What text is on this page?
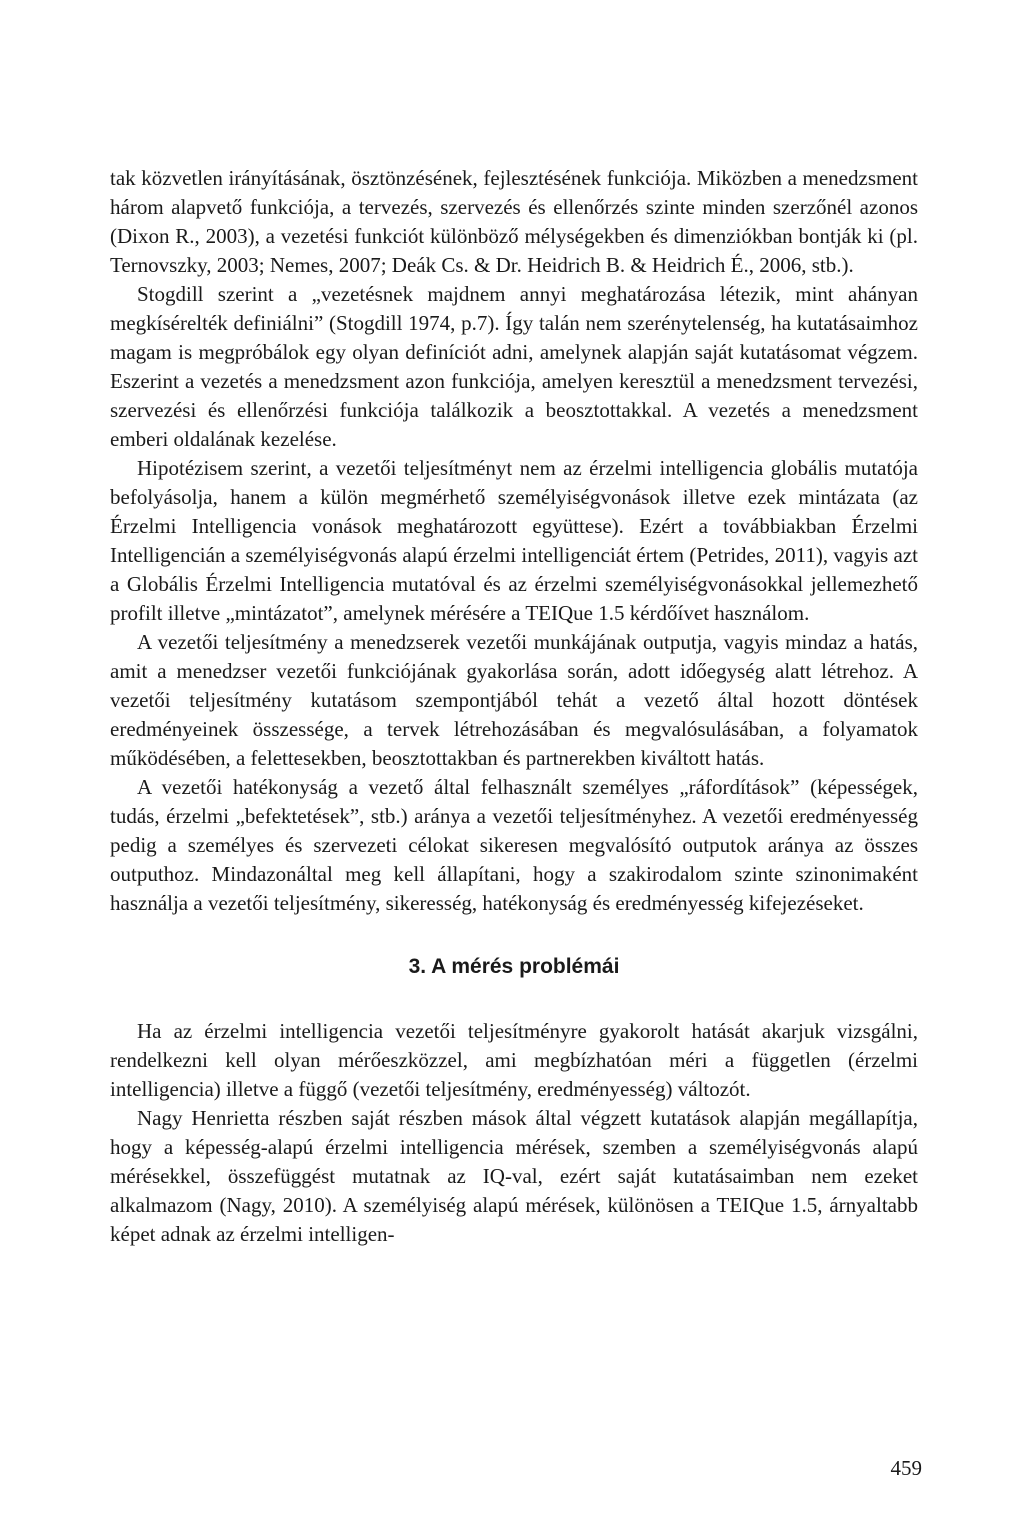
tak közvetlen irányításának, ösztönzésének, fejlesztésének funkciója. Miközben a menedzsment három alapvető funkciója, a tervezés, szervezés és ellenőrzés szinte minden szerzőnél azonos (Dixon R., 2003), a vezetési funkciót különböző mélységekben és dimenziókban bontják ki (pl. Ternovszky, 2003; Nemes, 2007; Deák Cs. & Dr. Heidrich B. & Heidrich É., 2006, stb.).

Stogdill szerint a „vezetésnek majdnem annyi meghatározása létezik, mint ahányan megkísérelték definiálni” (Stogdill 1974, p.7). Így talán nem szerénytelenség, ha kutatásaimhoz magam is megpróbálok egy olyan definíciót adni, amelynek alapján saját kutatásomat végzem. Eszerint a vezetés a menedzsment azon funkciója, amelyen keresztül a menedzsment tervezési, szervezési és ellenőrzési funkciója találkozik a beosztottakkal. A vezetés a menedzsment emberi oldalának kezelése.

Hipotézisem szerint, a vezetői teljesítményt nem az érzelmi intelligencia globális mutatója befolyásolja, hanem a külön megmérhető személyiségvonások illetve ezek mintázata (az Érzelmi Intelligencia vonások meghatározott együttese). Ezért a továbbiakban Érzelmi Intelligencián a személyiségvonás alapú érzelmi intelligenciát értem (Petrides, 2011), vagyis azt a Globális Érzelmi Intelligencia mutatóval és az érzelmi személyiségvonásokkal jellemezhető profilt illetve „mintázatot”, amelynek mérésére a TEIQue 1.5 kérdőívet használom.

A vezetői teljesítmény a menedzserek vezetői munkájának outputja, vagyis mindaz a hatás, amit a menedzser vezetői funkciójának gyakorlása során, adott időegység alatt létrehoz. A vezetői teljesítmény kutatásom szempontjából tehát a vezető által hozott döntések eredményeinek összessége, a tervek létrehozásában és megvalósulásában, a folyamatok működésében, a felettesekben, beosztottakban és partnerekben kiváltott hatás.

A vezetői hatékonyság a vezető által felhasznált személyes „ráfordítások” (képességek, tudás, érzelmi „befektetések”, stb.) aránya a vezetői teljesítményhez. A vezetői eredményesség pedig a személyes és szervezeti célokat sikeresen megvalósító outputok aránya az összes outputhoz. Mindazonáltal meg kell állapítani, hogy a szakirodalom szinte szinonimaként használja a vezetői teljesítmény, sikeresség, hatékonyság és eredményesség kifejezéseket.

3. A mérés problémái

Ha az érzelmi intelligencia vezetői teljesítményre gyakorolt hatását akarjuk vizsgálni, rendelkezni kell olyan mérőeszközzel, ami megbízhatóan méri a független (érzelmi intelligencia) illetve a függő (vezetői teljesítmény, eredményesség) változót.

Nagy Henrietta részben saját részben mások által végzett kutatások alapján megállapítja, hogy a képesség-alapú érzelmi intelligencia mérések, szemben a személyiségvonás alapú mérésekkel, összefüggést mutatnak az IQ-val, ezért saját kutatásaimban nem ezeket alkalmazom (Nagy, 2010). A személyiség alapú mérések, különösen a TEIQue 1.5, árnyaltabb képet adnak az érzelmi intelligen-

459
